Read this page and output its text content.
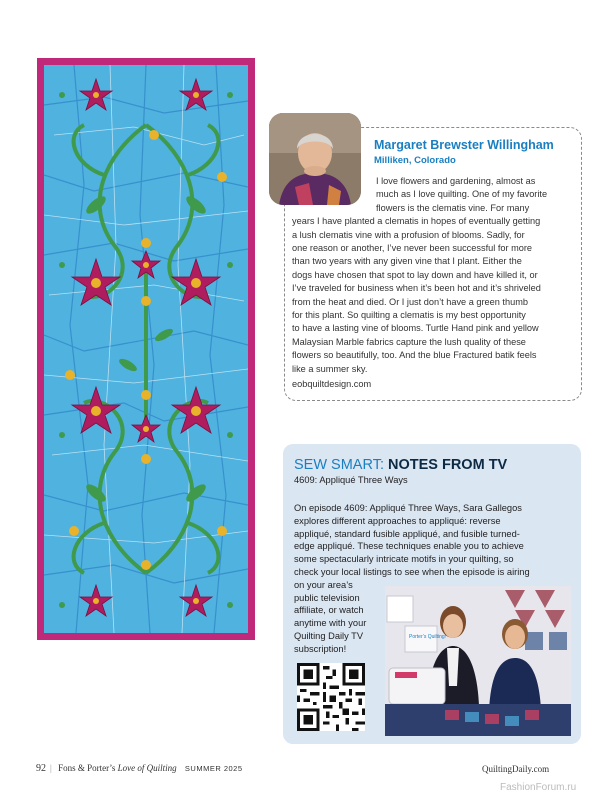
Margaret Brewster Willingham
Milliken, Colorado
I love flowers and gardening, almost as
much as I love quilting. One of my favorite
flowers is the clematis vine. For many
years I have planted a clematis in hopes of eventually getting
a lush clematis vine with a profusion of blooms. Sadly, for
one reason or another, I’ve never been successful for more
than two years with any given vine that I plant. Either the
dogs have chosen that spot to lay down and have killed it, or
I’ve traveled for business when it’s been hot and it’s shriveled
from the heat and died. Or I just don’t have a green thumb
for this plant. So quilting a clematis is my best opportunity
to have a lasting vine of blooms. Turtle Hand pink and yellow
Malaysian Marble fabrics capture the lush quality of these
flowers so beautifully, too. And the blue Fractured batik feels
like a summer sky.
eobquiltdesign.com
SEW SMART: NOTES FROM TV
4609: Appliqué Three Ways
On episode 4609: Appliqué Three Ways, Sara Gallegos
explores different approaches to appliqué: reverse
appliqué, standard fusible appliqué, and fusible turned-
edge appliqué. These techniques enable you to achieve
some spectacularly intricate motifs in your quilting, so
check your local listings to see when the episode is airing
on your area’s
public television
affiliate, or watch
anytime with your
Quilting Daily TV
subscription!
Porter’s Quilting!
92 | Fons & Porter’s Love of Quilting SUMMER 2025	QuiltingDaily.com
FashionForum.ru
